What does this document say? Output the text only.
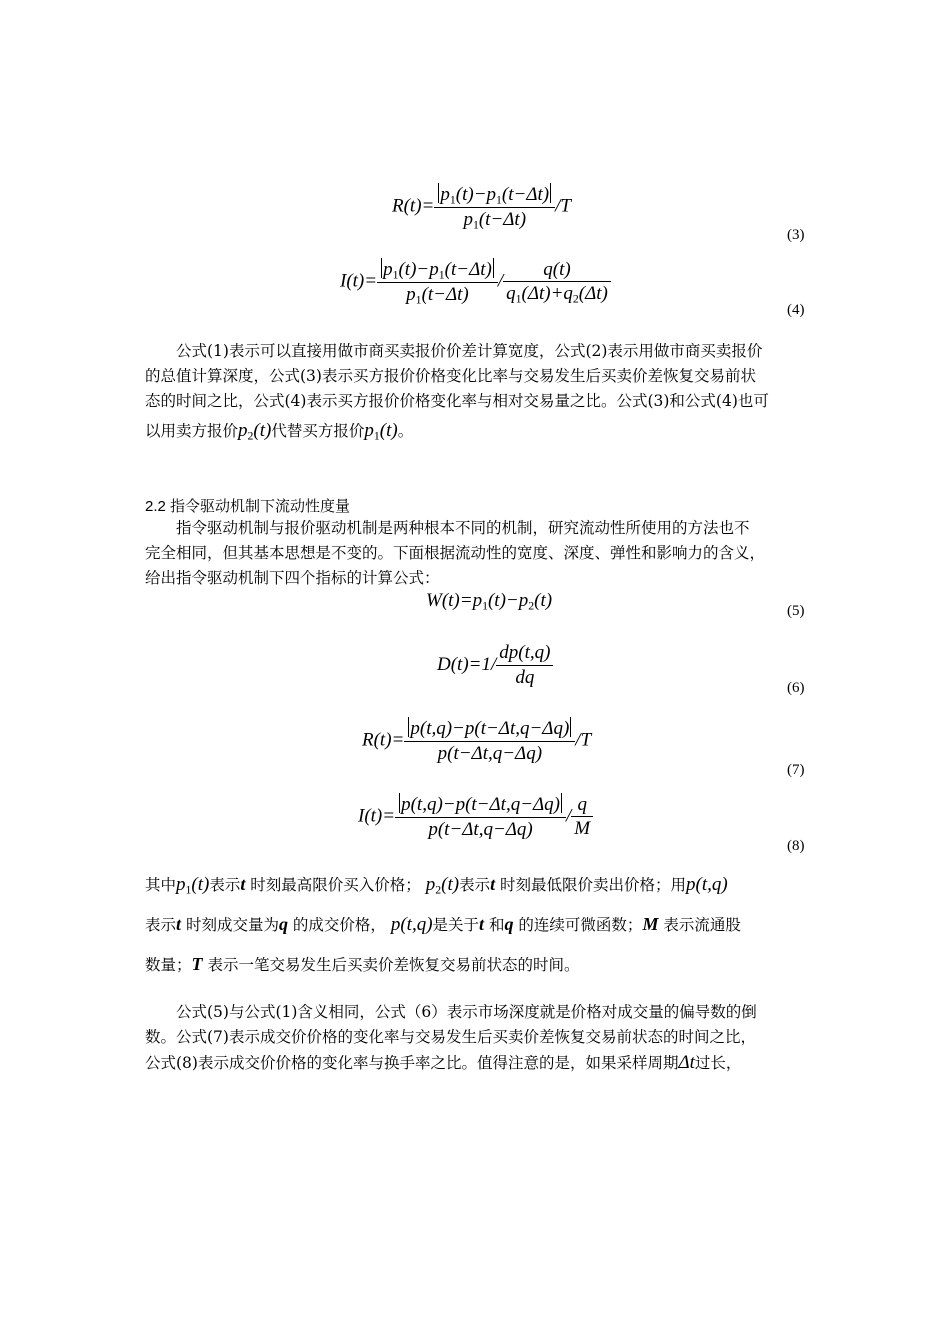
$R(t)= \frac{p_1(t)-p_1(t-\Delta t)}{p_1(t-\Delta t)} /T$
(3)
$I(t)= \frac{p_1(t)-p_1(t-\Delta t)}{p_1(t-\Delta t)} / \frac{q(t)}{q_1(\Delta t)+q_2(\Delta t)}$
(4)
公式(1)表示可以直接用做市商买卖报价价差计算宽度，公式(2)表示用做市商买卖报价
的总值计算深度，公式(3)表示买方报价价格变化比率与交易发生后买卖价差恢复交易前状
态的时间之比，公式(4)表示买方报价价格变化率与相对交易量之比。公式(3)和公式(4)也可
以用卖方报价$p_2(t)$代替买方报价$p_1(t)$。
2.2 指令驱动机制下流动性度量
指令驱动机制与报价驱动机制是两种根本不同的机制，研究流动性所使用的方法也不
完全相同，但其基本思想是不变的。下面根据流动性的宽度、深度、弹性和影响力的含义，
给出指令驱动机制下四个指标的计算公式：
$W(t)=p_1(t)-p_2(t)$	(5)
$D(t)=1/ \frac{dp(t,q)}{dq}$	(6)
$R(t)= \frac{p(t,q)-p(t-\Delta t,q-\Delta q)}{p(t-\Delta t,q-\Delta q)} /T$
(7)
$I(t)= \frac{p(t,q)-p(t-\Delta t,q-\Delta q)}{p(t-\Delta t,q-\Delta q)} / \frac{q}{M}$
(8)
其中$p_1(t)$表示t 时刻最高限价买入价格； $p_2(t)$表示t 时刻最低限价卖出价格；用p(t,q)
表示t 时刻成交量为q 的成交价格， p(t,q)是关于t 和q 的连续可微函数；M 表示流通股
数量；T 表示一笔交易发生后买卖价差恢复交易前状态的时间。
公式(5)与公式(1)含义相同，公式（6）表示市场深度就是价格对成交量的偏导数的倒
数。公式(7)表示成交价价格的变化率与交易发生后买卖价差恢复交易前状态的时间之比，
公式(8)表示成交价价格的变化率与换手率之比。值得注意的是，如果采样周期Δt过长，
